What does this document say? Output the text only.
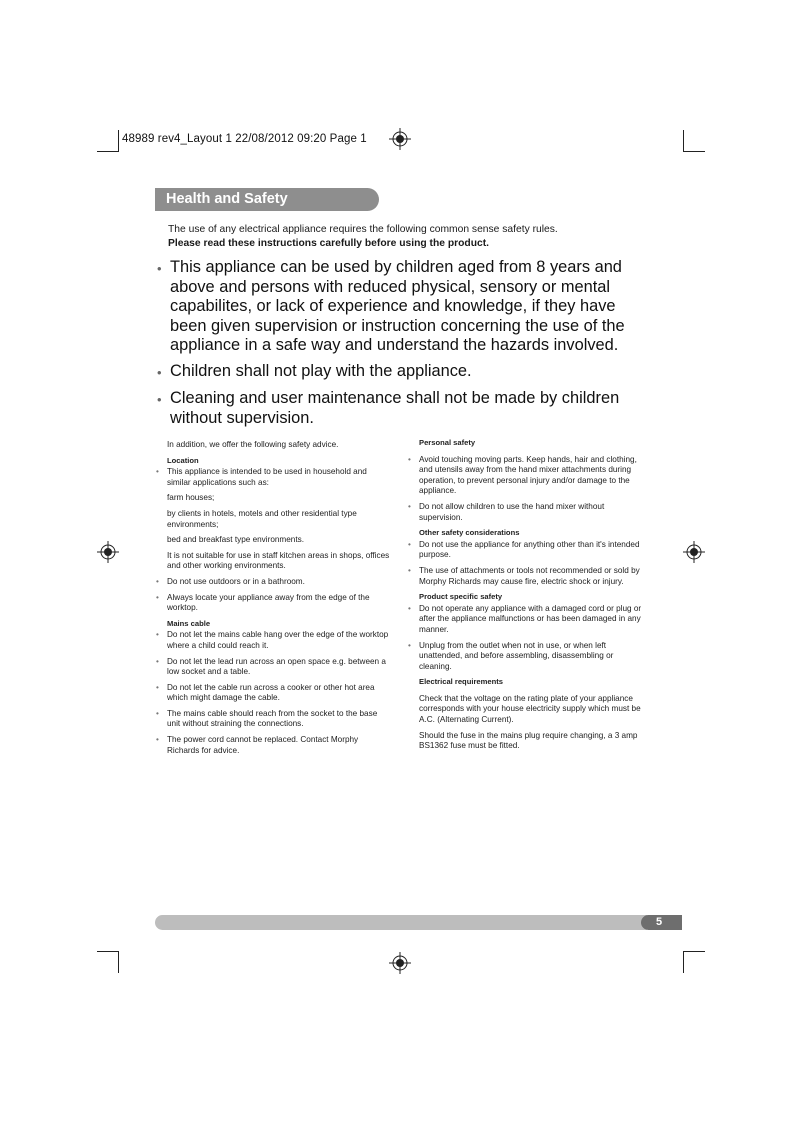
48989 rev4_Layout 1 22/08/2012 09:20 Page 1
Health and Safety
The use of any electrical appliance requires the following common sense safety rules.
Please read these instructions carefully before using the product.
• This appliance can be used by children aged from 8 years and above and persons with reduced physical, sensory or mental capabilites, or lack of experience and knowledge, if they have been given supervision or instruction concerning the use of the appliance in a safe way and understand the hazards involved.
• Children shall not play with the appliance.
• Cleaning and user maintenance shall not be made by children without supervision.

In addition, we offer the following safety advice.

Location

• This appliance is intended to be used in household and similar applications such as:

farm houses;

by clients in hotels, motels and other residential type environments;

bed and breakfast type environments.

It is not suitable for use in staff kitchen areas in shops, offices and other working environments.

• Do not use outdoors or in a bathroom.

• Always locate your appliance away from the edge of the worktop.

Mains cable

• Do not let the mains cable hang over the edge of the worktop where a child could reach it.

• Do not let the lead run across an open space e.g. between a low socket and a table.

• Do not let the cable run across a cooker or other hot area which might damage the cable.

• The mains cable should reach from the socket to the base unit without straining the connections.

• The power cord cannot be replaced. Contact Morphy Richards for advice.

Personal safety

• Avoid touching moving parts. Keep hands, hair and clothing, and utensils away from the hand mixer attachments during operation, to prevent personal injury and/or damage to the appliance.

• Do not allow children to use the hand mixer without supervision.

Other safety considerations

• Do not use the appliance for anything other than it's intended purpose.

• The use of attachments or tools not recommended or sold by Morphy Richards may cause fire, electric shock or injury.

Product specific safety

• Do not operate any appliance with a damaged cord or plug or after the appliance malfunctions or has been damaged in any manner.

• Unplug from the outlet when not in use, or when left unattended, and before assembling, disassembling or cleaning.

Electrical requirements

Check that the voltage on the rating plate of your appliance corresponds with your house electricity supply which must be A.C. (Alternating Current).

Should the fuse in the mains plug require changing, a 3 amp BS1362 fuse must be fitted.

5
